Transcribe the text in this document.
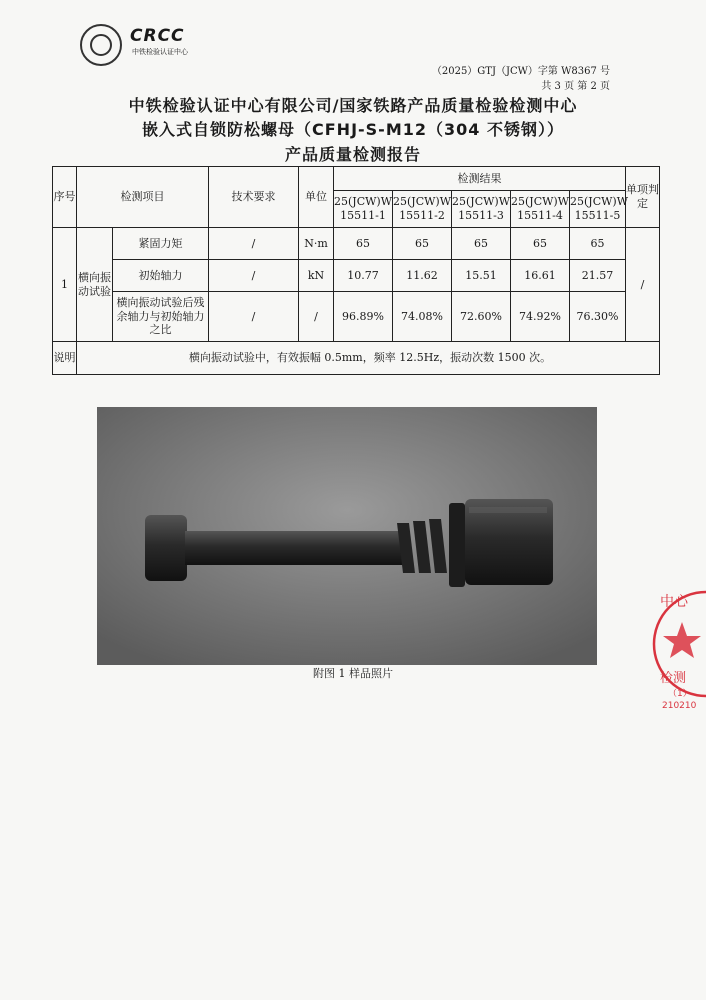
CRCC
中铁检验认证中心
（2025）GTJ（JCW）字第 W8367 号
共 3 页 第 2 页
中铁检验认证中心有限公司/国家铁路产品质量检验检测中心
嵌入式自锁防松螺母（CFHJ-S-M12（304 不锈钢））
产品质量检测报告
序号	检测项目		技术要求	单位	检测结果					单项判定
					25(JCW)W 15511-1	25(JCW)W 15511-2	25(JCW)W 15511-3	25(JCW)W 15511-4	25(JCW)W 15511-5	
1	横向振动试验	紧固力矩	/	N·m	65	65	65	65	65	/
		初始轴力	/	kN	10.77	11.62	15.51	16.61	21.57	
		横向振动试验后残余轴力与初始轴力之比	/	/	96.89%	74.08%	72.60%	74.92%	76.30%	
说明	横向振动试验中，有效振幅 0.5mm，频率 12.5Hz，振动次数 1500 次。									
附图 1 样品照片
中心
检测
（1）
210210
